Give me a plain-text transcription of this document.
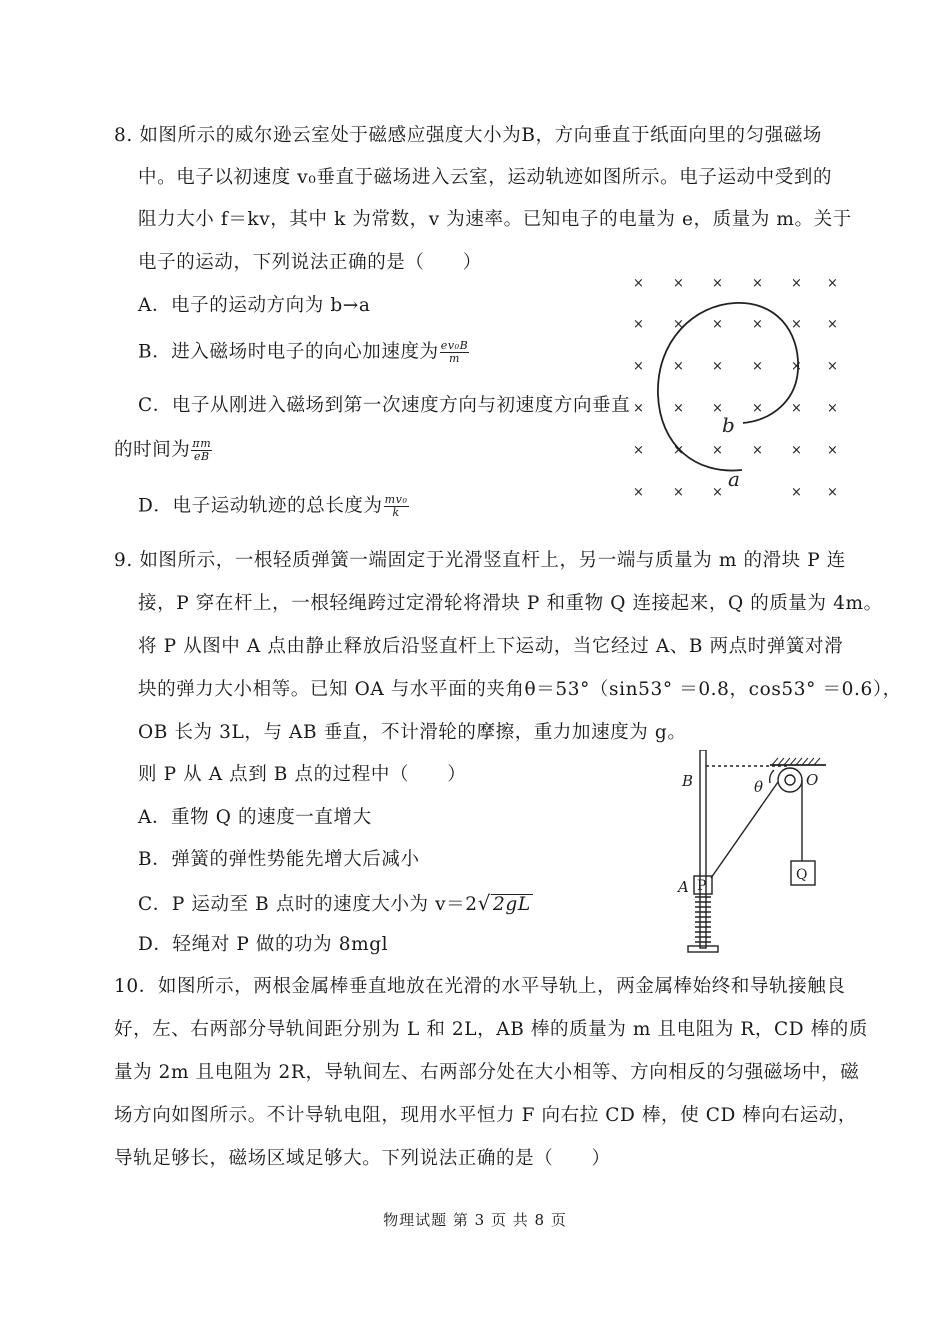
8. 如图所示的威尔逊云室处于磁感应强度大小为B，方向垂直于纸面向里的匀强磁场
中。电子以初速度 v₀垂直于磁场进入云室，运动轨迹如图所示。电子运动中受到的
阻力大小 f＝kv，其中 k 为常数，v 为速率。已知电子的电量为 e，质量为 m。关于
电子的运动，下列说法正确的是（　　）
A．电子的运动方向为 b→a
B．进入磁场时电子的向心加速度为 $\frac{\text{ev₀B}}{m}$
C．电子从刚进入磁场到第一次速度方向与初速度方向垂直
的时间为 $\frac{\pi m}{eB}$
D．电子运动轨迹的总长度为 $\frac{\text{mv₀}}{k}$
× × × × × ×
× × × × × ×
× × × × × ×
× × × × × ×
× × × × × ×
× × ×	× ×
b
a
9. 如图所示，一根轻质弹簧一端固定于光滑竖直杆上，另一端与质量为 m 的滑块 P 连
接，P 穿在杆上，一根轻绳跨过定滑轮将滑块 P 和重物 Q 连接起来，Q 的质量为 4m。
将 P 从图中 A 点由静止释放后沿竖直杆上下运动，当它经过 A、B 两点时弹簧对滑
块的弹力大小相等。已知 OA 与水平面的夹角θ＝53°（sin53° ＝0.8，cos53° ＝0.6），
OB 长为 3L，与 AB 垂直，不计滑轮的摩擦，重力加速度为 g。
则 P 从 A 点到 B 点的过程中（　　）
A．重物 Q 的速度一直增大
B．弹簧的弹性势能先增大后减小
C．P 运动至 B 点时的速度大小为 v＝2√ 2gL
D．轻绳对 P 做的功为 8mgl
B
A
O
θ
P
Q
10．如图所示，两根金属棒垂直地放在光滑的水平导轨上，两金属棒始终和导轨接触良
好，左、右两部分导轨间距分别为 L 和 2L，AB 棒的质量为 m 且电阻为 R，CD 棒的质
量为 2m 且电阻为 2R，导轨间左、右两部分处在大小相等、方向相反的匀强磁场中，磁
场方向如图所示。不计导轨电阻，现用水平恒力 F 向右拉 CD 棒，使 CD 棒向右运动，
导轨足够长，磁场区域足够大。下列说法正确的是（　　）
物理试题 第 3 页 共 8 页
